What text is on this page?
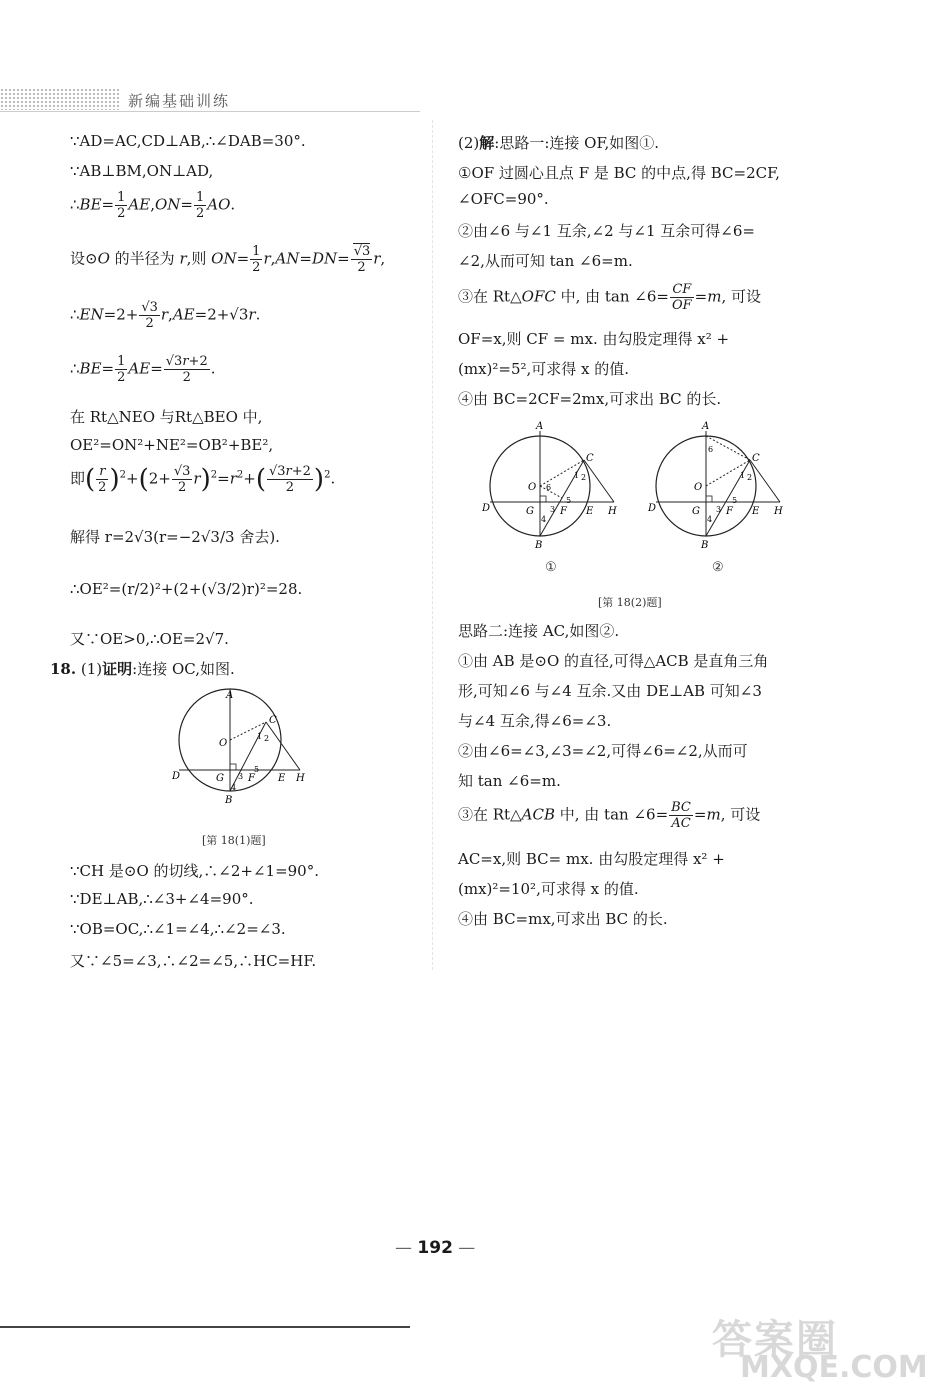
新编基础训练
∵AD=AC,CD⊥AB,∴∠DAB=30°.
∵AB⊥BM,ON⊥AD,
∴BE= $\frac{1}{2} AE,ON= \frac{1}{2}$ AO.
设⊙O 的半径为 r,则 $ON= \frac{1}{2} r,AN=DN= \frac{√3}{2} r$,
∴EN=2+ $\frac{√3}{2} r,AE=2+√3r$.
∴BE= $\frac{1}{2} AE= \frac{√3r+2}{2}$ .
在 Rt△NEO 与Rt△BEO 中,
OE²=ON²+NE²=OB²+BE²,
即( $\frac{r}{2} )^2+(2+ \frac{√3}{2} r)^2=r^2+( \frac{√3r+2}{2} )^2$.
解得 r=2√3(r=−2√3/3 舍去).
∴OE²=(r/2)²+(2+(√3/2)r)²=28.
又∵OE>0,∴OE=2√7.
18. (1)证明:连接 OC,如图.
A
B
C
D	E
F
G	H
O
1 2
3
4
5
[第 18(1)题]
∵CH 是⊙O 的切线,∴∠2+∠1=90°.
∵DE⊥AB,∴∠3+∠4=90°.
∵OB=OC,∴∠1=∠4,∴∠2=∠3.
又∵∠5=∠3,∴∠2=∠5,∴HC=HF.
(2)解:思路一:连接 OF,如图①.
①OF 过圆心且点 F 是 BC 的中点,得 BC=2CF,
∠OFC=90°.
②由∠6 与∠1 互余,∠2 与∠1 互余可得∠6=
∠2,从而可知 tan ∠6=m.
③在 Rt△OFC 中, 由 tan ∠6= $\frac{CF}{OF} =m$, 可设
OF=x,则 CF = mx. 由勾股定理得 x² +
(mx)²=5²,可求得 x 的值.
④由 BC=2CF=2mx,可求出 BC 的长.
A
B
C
D	E
F
G	H
O 6
1 2
3
4
5
①
A
B
C
D	E
F
G	H
O
6
1 2
3
4
5
②
[第 18(2)题]
思路二:连接 AC,如图②.
①由 AB 是⊙O 的直径,可得△ACB 是直角三角
形,可知∠6 与∠4 互余.又由 DE⊥AB 可知∠3
与∠4 互余,得∠6=∠3.
②由∠6=∠3,∠3=∠2,可得∠6=∠2,从而可
知 tan ∠6=m.
③在 Rt△ACB 中, 由 tan ∠6= $\frac{BC}{AC} =m$, 可设
AC=x,则 BC= mx. 由勾股定理得 x² +
(mx)²=10²,可求得 x 的值.
④由 BC=mx,可求出 BC 的长.
— 192 —
答案圈
MXQE.COM
